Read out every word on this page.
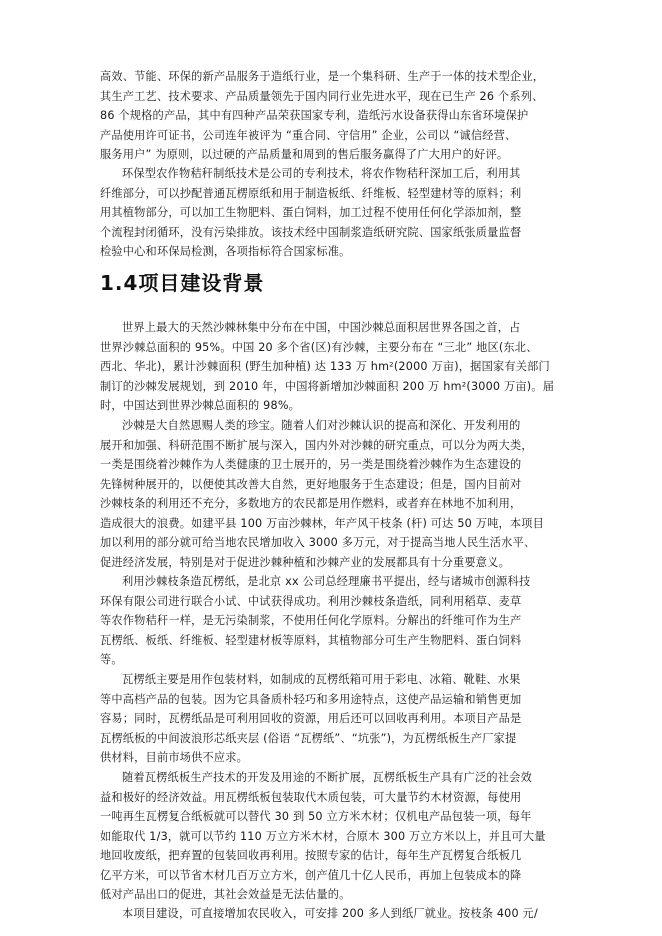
高效、节能、环保的新产品服务于造纸行业，是一个集科研、生产于一体的技术型企业，
其生产工艺、技术要求、产品质量领先于国内同行业先进水平，现在已生产 26 个系列、
86 个规格的产品，其中有四种产品荣获国家专利，造纸污水设备获得山东省环境保护
产品使用许可证书，公司连年被评为 “重合同、守信用” 企业，公司以 “诚信经营、
服务用户” 为原则，以过硬的产品质量和周到的售后服务赢得了广大用户的好评。
环保型农作物秸秆制纸技术是公司的专利技术，将农作物秸秆深加工后，利用其
纤维部分，可以抄配普通瓦楞原纸和用于制造板纸、纤维板、轻型建材等的原料；利
用其植物部分，可以加工生物肥料、蛋白饲料，加工过程不使用任何化学添加剂，整
个流程封闭循环，没有污染排放。该技术经中国制浆造纸研究院、国家纸张质量监督
检验中心和环保局检测，各项指标符合国家标准。
1.4项目建设背景
世界上最大的天然沙棘林集中分布在中国，中国沙棘总面积居世界各国之首，占
世界沙棘总面积的 95%。中国 20 多个省(区)有沙棘，主要分布在 “三北” 地区(东北、
西北、华北)，累计沙棘面积 (野生加种植) 达 133 万 hm²(2000 万亩)，据国家有关部门
制订的沙棘发展规划，到 2010 年，中国将新增加沙棘面积 200 万 hm²(3000 万亩)。届
时，中国达到世界沙棘总面积的 98%。
沙棘是大自然恩赐人类的珍宝。随着人们对沙棘认识的提高和深化、开发利用的
展开和加强、科研范围不断扩展与深入，国内外对沙棘的研究重点，可以分为两大类，
一类是围绕着沙棘作为人类健康的卫士展开的，另一类是围绕着沙棘作为生态建设的
先锋树种展开的，以便使其改善大自然，更好地服务于生态建设；但是，国内目前对
沙棘枝条的利用还不充分，多数地方的农民都是用作燃料，或者弃在林地不加利用，
造成很大的浪费。如建平县 100 万亩沙棘林，年产风干枝条 (杆) 可达 50 万吨，本项目
加以利用的部分就可给当地农民增加收入 3000 多万元，对于提高当地人民生活水平、
促进经济发展，特别是对于促进沙棘种植和沙棘产业的发展都具有十分重要意义。
利用沙棘枝条造瓦楞纸，是北京 xx 公司总经理廉书平提出，经与诸城市创源科技
环保有限公司进行联合小试、中试获得成功。利用沙棘枝条造纸，同利用稻草、麦草
等农作物秸秆一样，是无污染制浆，不使用任何化学原料。分解出的纤维可作为生产
瓦楞纸、板纸、纤维板、轻型建材板等原料，其植物部分可生产生物肥料、蛋白饲料
等。
瓦楞纸主要是用作包装材料，如制成的瓦楞纸箱可用于彩电、冰箱、靴鞋、水果
等中高档产品的包装。因为它具备质朴轻巧和多用途特点，这使产品运输和销售更加
容易；同时，瓦楞纸品是可利用回收的资源，用后还可以回收再利用。本项目产品是
瓦楞纸板的中间波浪形芯纸夹层 (俗语 “瓦楞纸”、“坑张”)，为瓦楞纸板生产厂家提
供材料，目前市场供不应求。
随着瓦楞纸板生产技术的开发及用途的不断扩展，瓦楞纸板生产具有广泛的社会效
益和极好的经济效益。用瓦楞纸板包装取代木质包装，可大量节约木材资源，每使用
一吨再生瓦楞复合纸板就可以替代 30 到 50 立方米木材；仅机电产品包装一项，每年
如能取代 1/3，就可以节约 110 万立方米木材，合原木 300 万立方米以上，并且可大量
地回收废纸，把弃置的包装回收再利用。按照专家的估计，每年生产瓦楞复合纸板几
亿平方米，可以节省木材几百万立方米，创产值几十亿人民币，再加上包装成本的降
低对产品出口的促进，其社会效益是无法估量的。
本项目建设，可直接增加农民收入，可安排 200 多人到纸厂就业。按枝条 400 元/
